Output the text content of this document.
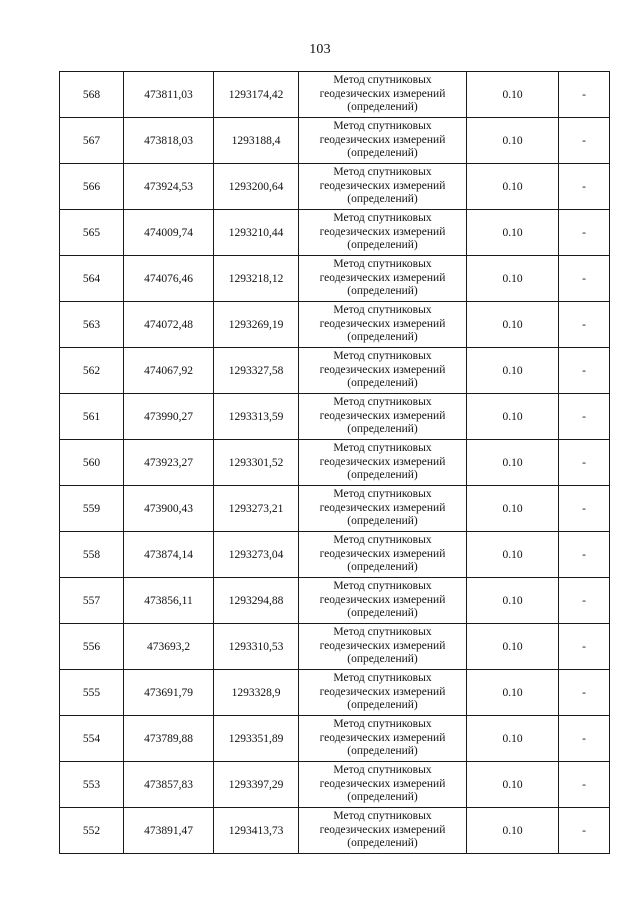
103
568	473811,03	1293174,42	Метод спутниковых
геодезических измерений
(определений)	0.10	-
567	473818,03	1293188,4	Метод спутниковых
геодезических измерений
(определений)	0.10	-
566	473924,53	1293200,64	Метод спутниковых
геодезических измерений
(определений)	0.10	-
565	474009,74	1293210,44	Метод спутниковых
геодезических измерений
(определений)	0.10	-
564	474076,46	1293218,12	Метод спутниковых
геодезических измерений
(определений)	0.10	-
563	474072,48	1293269,19	Метод спутниковых
геодезических измерений
(определений)	0.10	-
562	474067,92	1293327,58	Метод спутниковых
геодезических измерений
(определений)	0.10	-
561	473990,27	1293313,59	Метод спутниковых
геодезических измерений
(определений)	0.10	-
560	473923,27	1293301,52	Метод спутниковых
геодезических измерений
(определений)	0.10	-
559	473900,43	1293273,21	Метод спутниковых
геодезических измерений
(определений)	0.10	-
558	473874,14	1293273,04	Метод спутниковых
геодезических измерений
(определений)	0.10	-
557	473856,11	1293294,88	Метод спутниковых
геодезических измерений
(определений)	0.10	-
556	473693,2	1293310,53	Метод спутниковых
геодезических измерений
(определений)	0.10	-
555	473691,79	1293328,9	Метод спутниковых
геодезических измерений
(определений)	0.10	-
554	473789,88	1293351,89	Метод спутниковых
геодезических измерений
(определений)	0.10	-
553	473857,83	1293397,29	Метод спутниковых
геодезических измерений
(определений)	0.10	-
552	473891,47	1293413,73	Метод спутниковых
геодезических измерений
(определений)	0.10	-
